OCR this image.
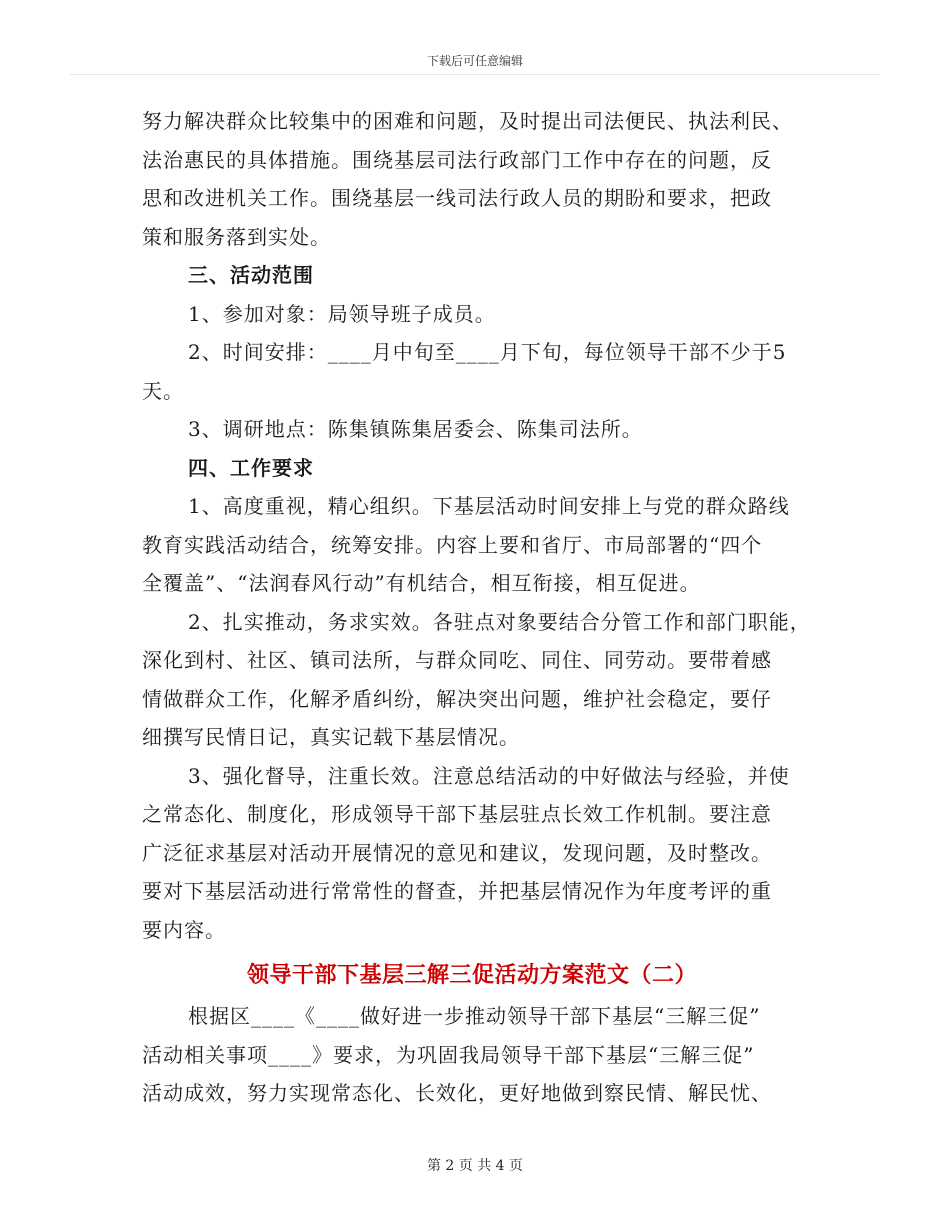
下载后可任意编辑
努力解决群众比较集中的困难和问题，及时提出司法便民、执法利民、
法治惠民的具体措施。围绕基层司法行政部门工作中存在的问题，反
思和改进机关工作。围绕基层一线司法行政人员的期盼和要求，把政
策和服务落到实处。
三、活动范围
1、参加对象：局领导班子成员。
2、时间安排：____月中旬至____月下旬，每位领导干部不少于5
天。
3、调研地点：陈集镇陈集居委会、陈集司法所。
四、工作要求
1、高度重视，精心组织。下基层活动时间安排上与党的群众路线
教育实践活动结合，统筹安排。内容上要和省厅、市局部署的“四个
全覆盖”、“法润春风行动”有机结合，相互衔接，相互促进。
2、扎实推动，务求实效。各驻点对象要结合分管工作和部门职能，
深化到村、社区、镇司法所，与群众同吃、同住、同劳动。要带着感
情做群众工作，化解矛盾纠纷，解决突出问题，维护社会稳定，要仔
细撰写民情日记，真实记载下基层情况。
3、强化督导，注重长效。注意总结活动的中好做法与经验，并使
之常态化、制度化，形成领导干部下基层驻点长效工作机制。要注意
广泛征求基层对活动开展情况的意见和建议，发现问题，及时整改。
要对下基层活动进行常常性的督查，并把基层情况作为年度考评的重
要内容。
领导干部下基层三解三促活动方案范文（二）
根据区____《____做好进一步推动领导干部下基层“三解三促”
活动相关事项____》要求，为巩固我局领导干部下基层“三解三促”
活动成效，努力实现常态化、长效化，更好地做到察民情、解民忧、
第 2 页 共 4 页
